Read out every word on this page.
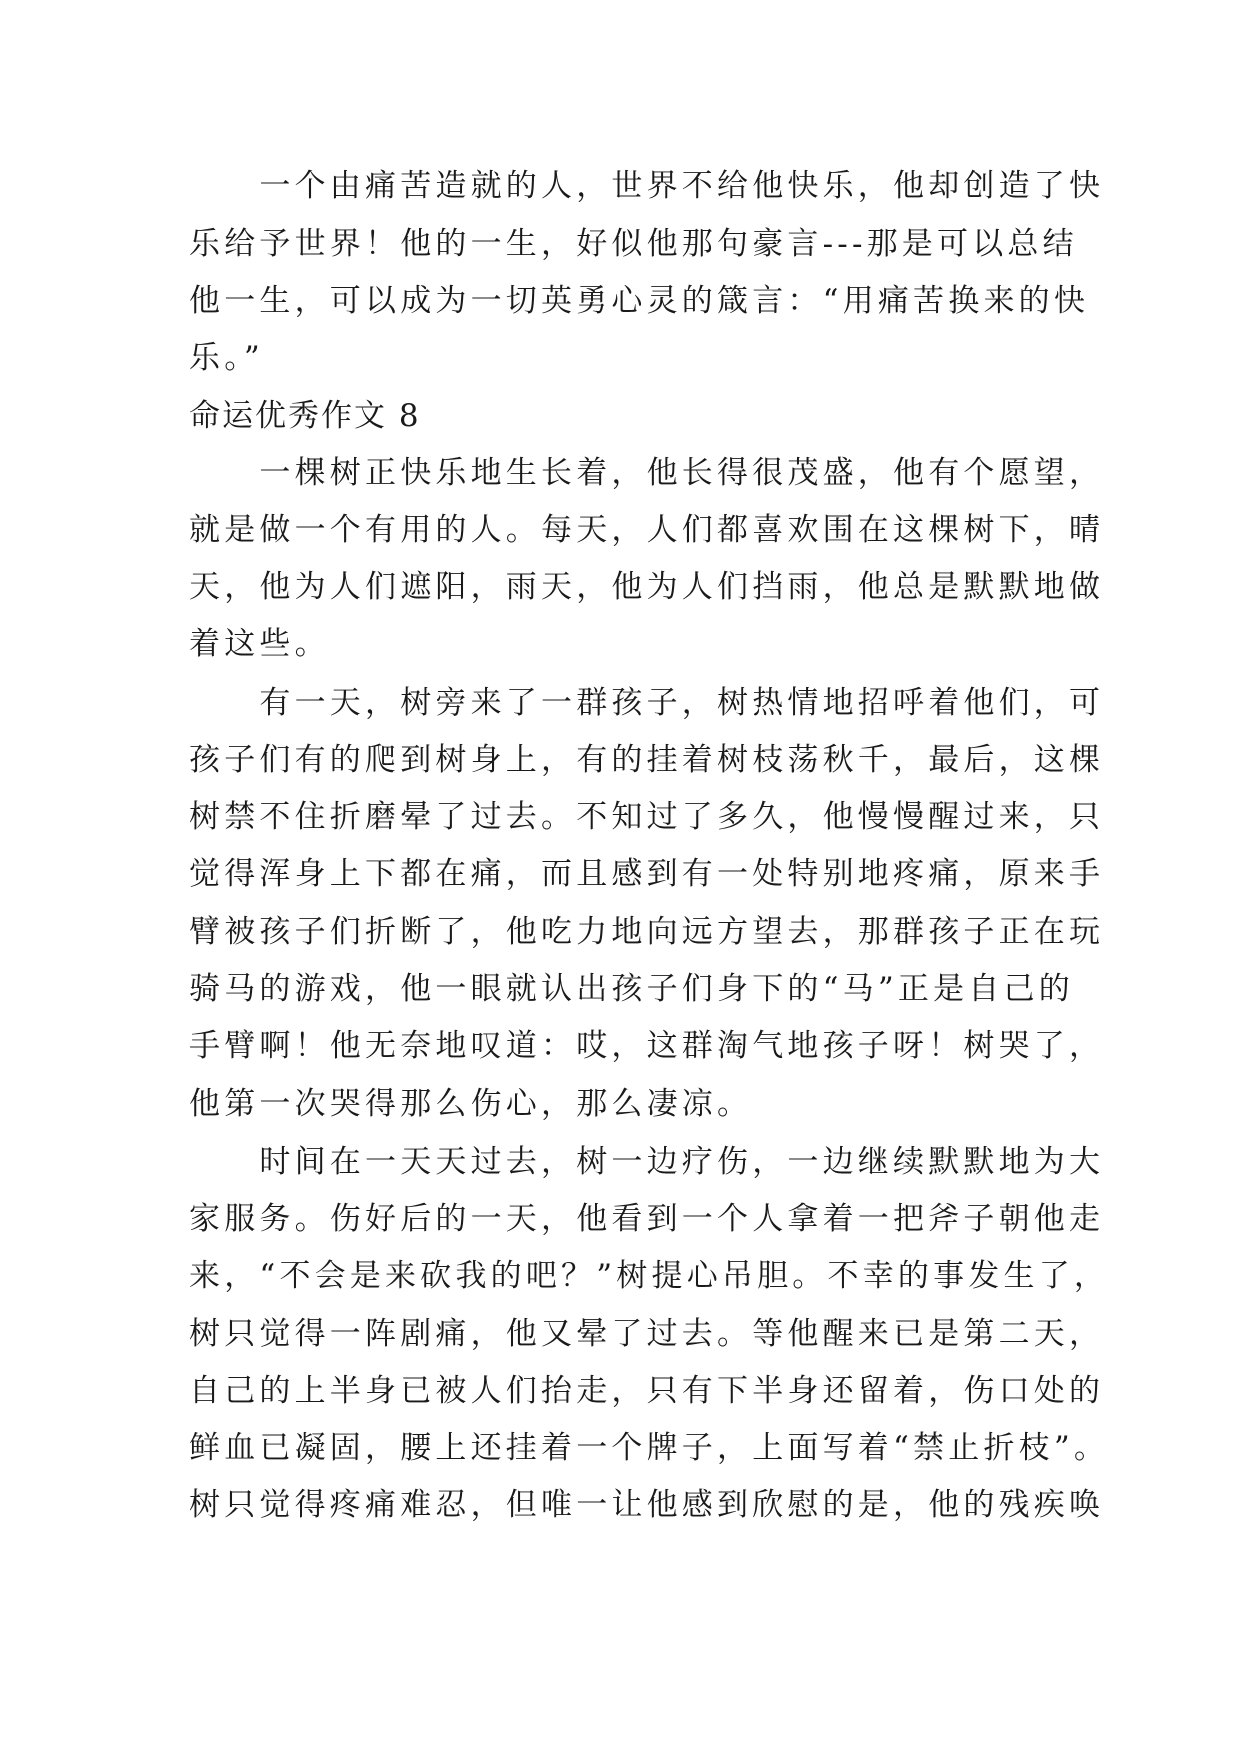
　　一个由痛苦造就的人，世界不给他快乐，他却创造了快
乐给予世界！他的一生，好似他那句豪言---那是可以总结
他一生，可以成为一切英勇心灵的箴言：“用痛苦换来的快
乐。”
命运优秀作文 8
　　一棵树正快乐地生长着，他长得很茂盛，他有个愿望，
就是做一个有用的人。每天，人们都喜欢围在这棵树下，晴
天，他为人们遮阳，雨天，他为人们挡雨，他总是默默地做
着这些。
　　有一天，树旁来了一群孩子，树热情地招呼着他们，可
孩子们有的爬到树身上，有的挂着树枝荡秋千，最后，这棵
树禁不住折磨晕了过去。不知过了多久，他慢慢醒过来，只
觉得浑身上下都在痛，而且感到有一处特别地疼痛，原来手
臂被孩子们折断了，他吃力地向远方望去，那群孩子正在玩
骑马的游戏，他一眼就认出孩子们身下的“马”正是自己的
手臂啊！他无奈地叹道：哎，这群淘气地孩子呀！树哭了，
他第一次哭得那么伤心，那么凄凉。
　　时间在一天天过去，树一边疗伤，一边继续默默地为大
家服务。伤好后的一天，他看到一个人拿着一把斧子朝他走
来，“不会是来砍我的吧？”树提心吊胆。不幸的事发生了，
树只觉得一阵剧痛，他又晕了过去。等他醒来已是第二天，
自己的上半身已被人们抬走，只有下半身还留着，伤口处的
鲜血已凝固，腰上还挂着一个牌子，上面写着“禁止折枝”。
树只觉得疼痛难忍，但唯一让他感到欣慰的是，他的残疾唤
